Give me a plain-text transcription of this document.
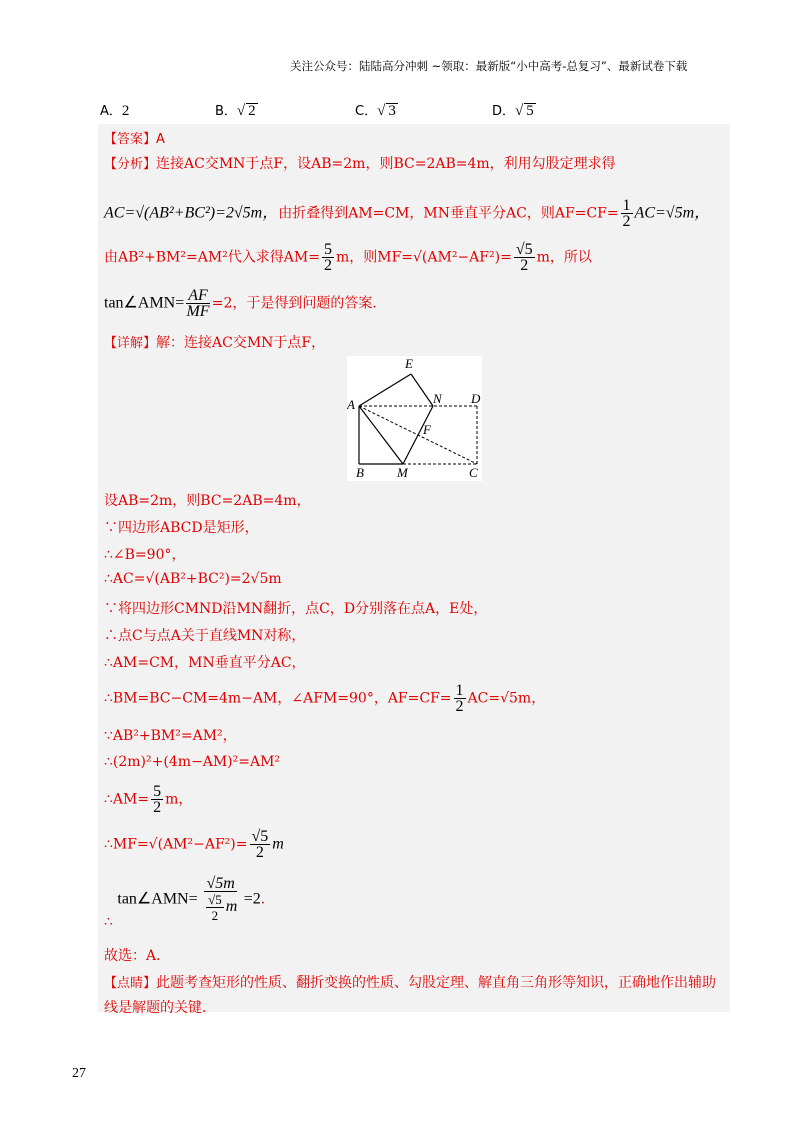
关注公众号：陆陆高分冲刺 ~领取：最新版“小中高考-总复习”、最新试卷下载
A．2	B．√ 2	C．√ 3	D．√ 5
【答案】A
【分析】连接AC交MN于点F，设AB=2m，则BC=2AB=4m，利用勾股定理求得
AC=√(AB²+BC²)=2√5m，由折叠得到AM=CM，MN垂直平分AC，则$AF=CF= \frac{1}{2} AC=√5m$，
由AB²+BM²=AM²代入求得$AM= \frac{5}{2}$ m，则$MF=√(AM^2-AF^2)= \frac{√5}{2}$ m，所以
tan∠AMN= $\frac{AF}{MF} =2$，于是得到问题的答案．
【详解】解：连接AC交MN于点F，
E
N D
A
F
B	M	C
设AB=2m，则BC=2AB=4m，
∵四边形ABCD是矩形，
∴∠B=90°，
∴AC=√(AB²+BC²)=2√5m
∵将四边形CMND沿MN翻折，点C，D分别落在点A，E处，
∴点C与点A关于直线MN对称，
∴AM=CM，MN垂直平分AC，
∴BM=BC−CM=4m−AM，∠AFM=90°，$AF=CF= \frac{1}{2} AC=√5m$，
∵AB²+BM²=AM²，
∴(2m)²+(4m−AM)²=AM²
∴AM= $\frac{5}{2}$ m，
∴MF=√(AM²−AF²)= $\frac{√5}{2}$ m
∴ tan∠AMN= $\frac{√5m}{\frac{√5}{2} m} =2$．
故选：A．
【点睛】此题考查矩形的性质、翻折变换的性质、勾股定理、解直角三角形等知识，正确地作出辅助
线是解题的关键．
27
